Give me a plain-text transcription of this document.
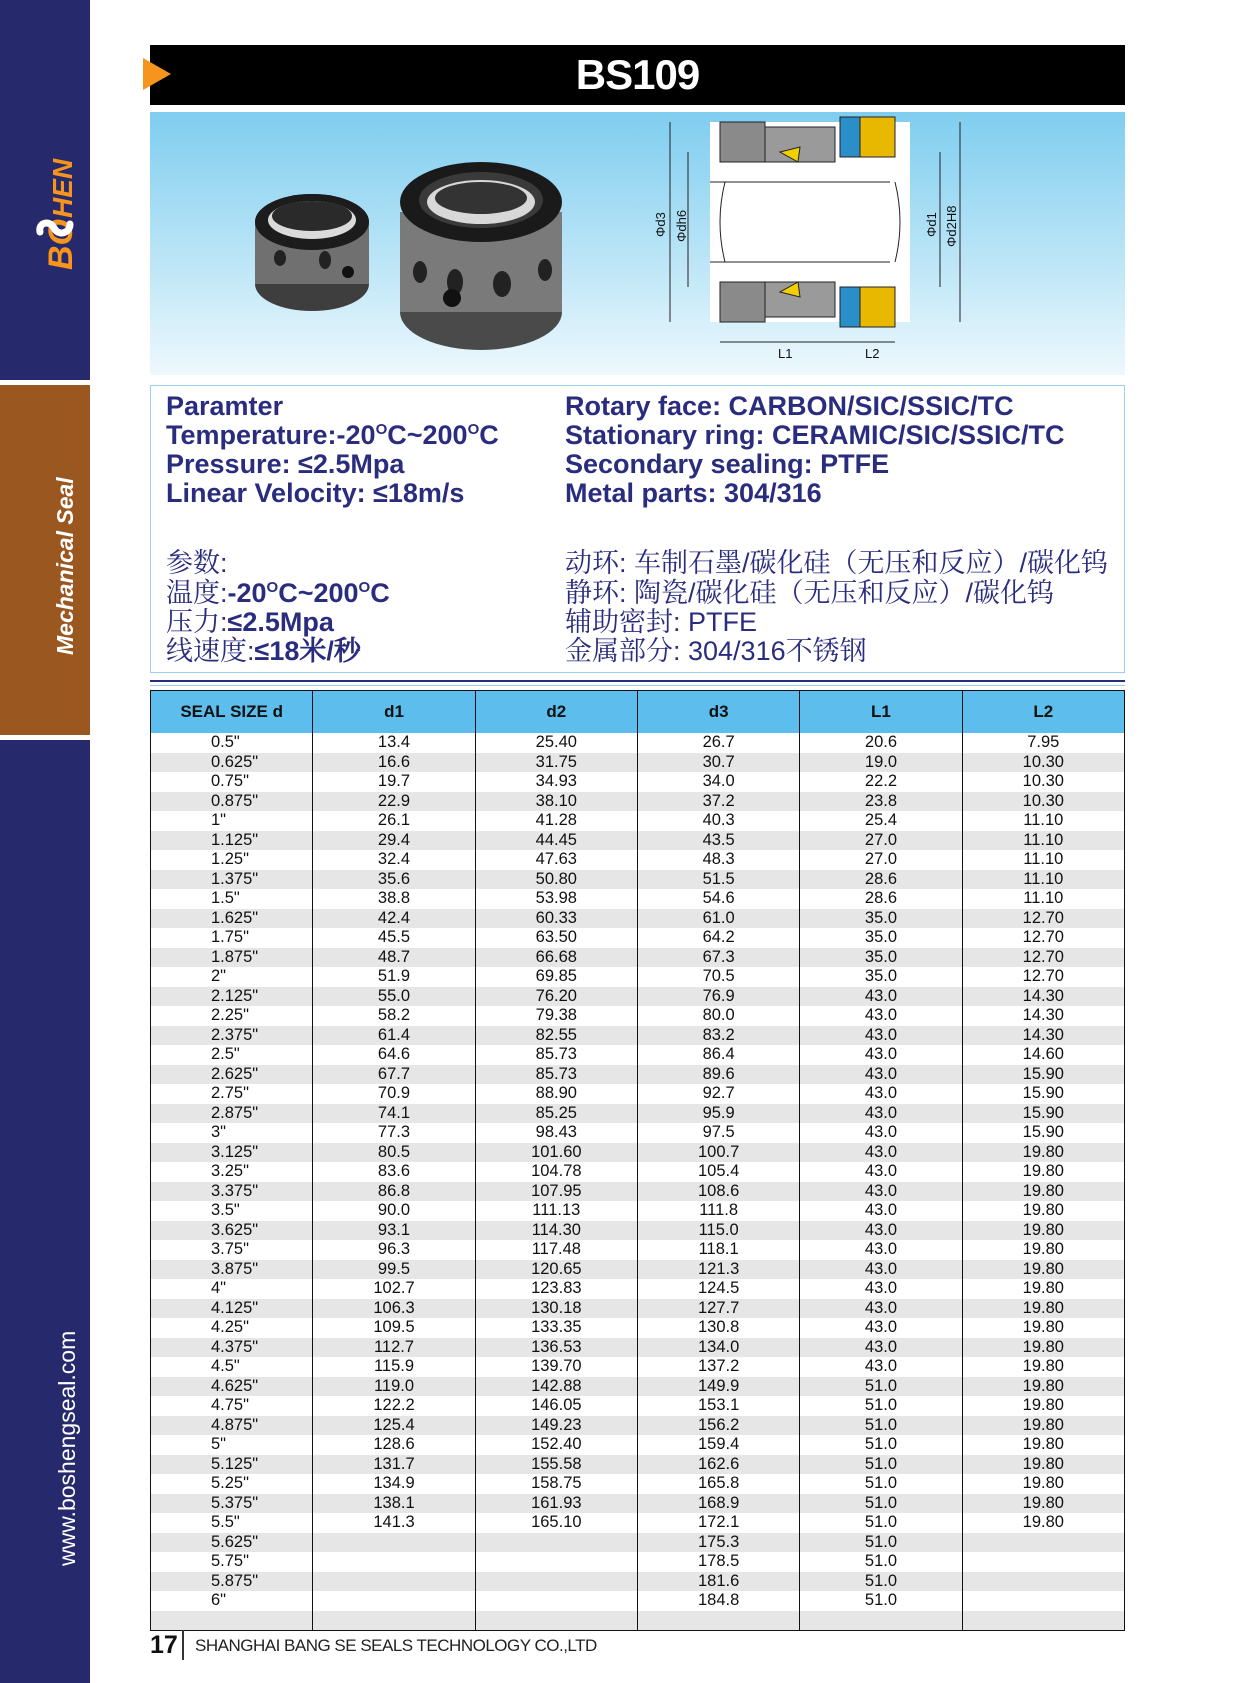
BO
HEN
Mechanical Seal
www.boshengseal.com
BS109
Φd3 Φdh6	Φd1 Φd2H8
L1	L2
Paramter
$Temperature:-20^OC\sim 200^OC$
Pressure: ≤2.5Mpa
Linear Velocity: ≤18m/s
Rotary face: CARBON/SIC/SSIC/TC
Stationary ring: CERAMIC/SIC/SSIC/TC
Secondary sealing: PTFE
Metal parts: 304/316
参数:
温度$:-20^OC\sim 200^OC$
压力:≤2.5Mpa
线速度:≤18米/秒
动环: 车制石墨/碳化硅（无压和反应）/碳化钨
静环: 陶瓷/碳化硅（无压和反应）/碳化钨
辅助密封: PTFE
金属部分: 304/316不锈钢
SEAL SIZE d	d1	d2	d3	L1	L2
0.5"	13.4	25.40	26.7	20.6	7.95
0.625"	16.6	31.75	30.7	19.0	10.30
0.75"	19.7	34.93	34.0	22.2	10.30
0.875"	22.9	38.10	37.2	23.8	10.30
1"	26.1	41.28	40.3	25.4	11.10
1.125"	29.4	44.45	43.5	27.0	11.10
1.25"	32.4	47.63	48.3	27.0	11.10
1.375"	35.6	50.80	51.5	28.6	11.10
1.5"	38.8	53.98	54.6	28.6	11.10
1.625"	42.4	60.33	61.0	35.0	12.70
1.75"	45.5	63.50	64.2	35.0	12.70
1.875"	48.7	66.68	67.3	35.0	12.70
2"	51.9	69.85	70.5	35.0	12.70
2.125"	55.0	76.20	76.9	43.0	14.30
2.25"	58.2	79.38	80.0	43.0	14.30
2.375"	61.4	82.55	83.2	43.0	14.30
2.5"	64.6	85.73	86.4	43.0	14.60
2.625"	67.7	85.73	89.6	43.0	15.90
2.75"	70.9	88.90	92.7	43.0	15.90
2.875"	74.1	85.25	95.9	43.0	15.90
3"	77.3	98.43	97.5	43.0	15.90
3.125"	80.5	101.60	100.7	43.0	19.80
3.25"	83.6	104.78	105.4	43.0	19.80
3.375"	86.8	107.95	108.6	43.0	19.80
3.5"	90.0	111.13	111.8	43.0	19.80
3.625"	93.1	114.30	115.0	43.0	19.80
3.75"	96.3	117.48	118.1	43.0	19.80
3.875"	99.5	120.65	121.3	43.0	19.80
4"	102.7	123.83	124.5	43.0	19.80
4.125"	106.3	130.18	127.7	43.0	19.80
4.25"	109.5	133.35	130.8	43.0	19.80
4.375"	112.7	136.53	134.0	43.0	19.80
4.5"	115.9	139.70	137.2	43.0	19.80
4.625"	119.0	142.88	149.9	51.0	19.80
4.75"	122.2	146.05	153.1	51.0	19.80
4.875"	125.4	149.23	156.2	51.0	19.80
5"	128.6	152.40	159.4	51.0	19.80
5.125"	131.7	155.58	162.6	51.0	19.80
5.25"	134.9	158.75	165.8	51.0	19.80
5.375"	138.1	161.93	168.9	51.0	19.80
5.5"	141.3	165.10	172.1	51.0	19.80
5.625"			175.3	51.0	
5.75"			178.5	51.0	
5.875"			181.6	51.0	
6"			184.8	51.0	

17 SHANGHAI BANG SE SEALS TECHNOLOGY CO.,LTD
